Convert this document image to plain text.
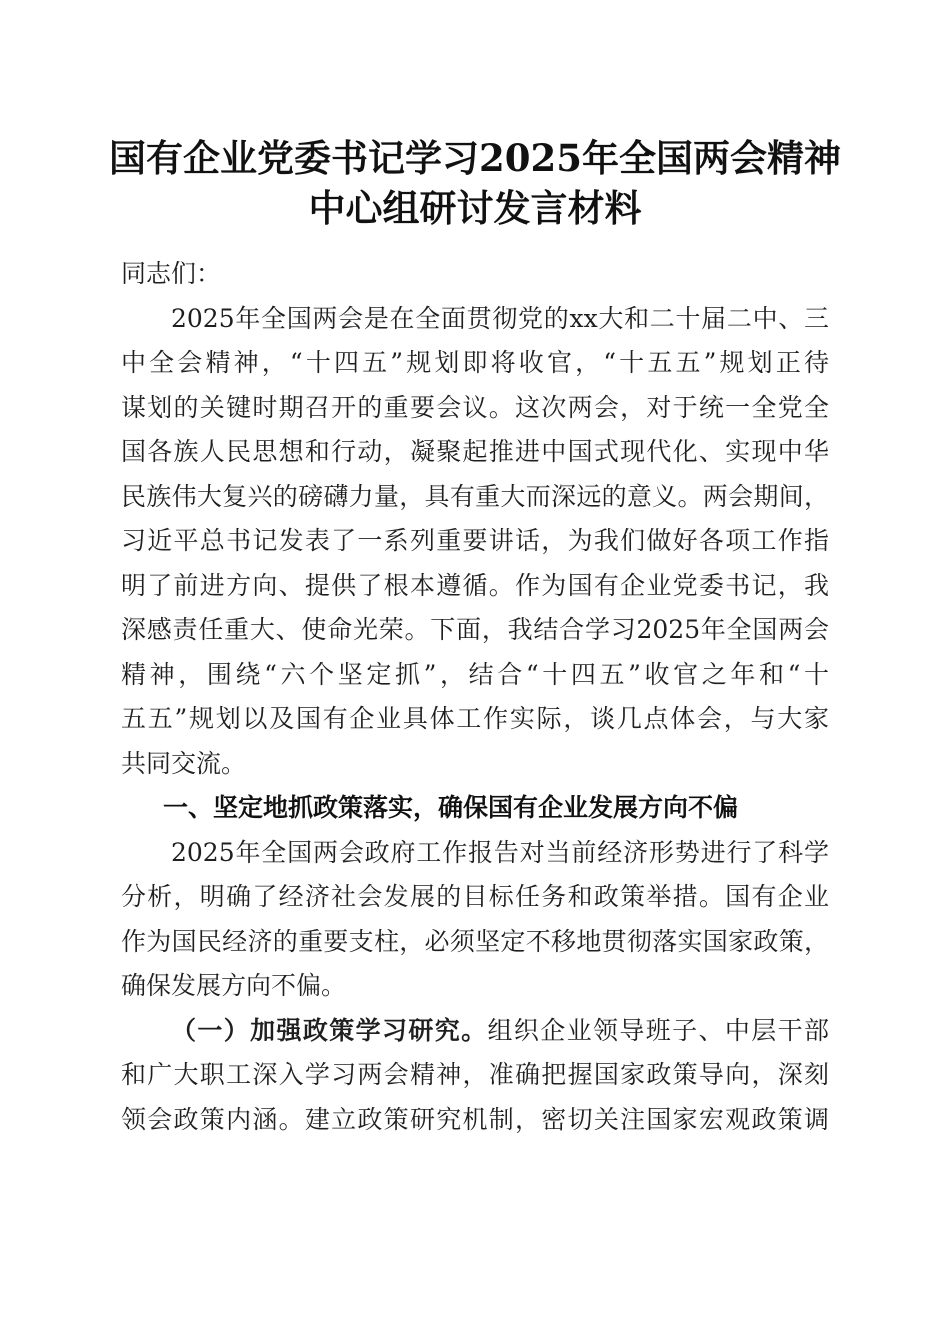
国有企业党委书记学习2025年全国两会精神
中心组研讨发言材料
同志们：
2025年全国两会是在全面贯彻党的xx大和二十届二中、三
中全会精神，“十四五”规划即将收官，“十五五”规划正待
谋划的关键时期召开的重要会议。这次两会，对于统一全党全
国各族人民思想和行动，凝聚起推进中国式现代化、实现中华
民族伟大复兴的磅礴力量，具有重大而深远的意义。两会期间，
习近平总书记发表了一系列重要讲话，为我们做好各项工作指
明了前进方向、提供了根本遵循。作为国有企业党委书记，我
深感责任重大、使命光荣。下面，我结合学习2025年全国两会
精神，围绕“六个坚定抓”，结合“十四五”收官之年和“十
五五”规划以及国有企业具体工作实际，谈几点体会，与大家
共同交流。
一、坚定地抓政策落实，确保国有企业发展方向不偏
2025年全国两会政府工作报告对当前经济形势进行了科学
分析，明确了经济社会发展的目标任务和政策举措。国有企业
作为国民经济的重要支柱，必须坚定不移地贯彻落实国家政策，
确保发展方向不偏。
（一）加强政策学习研究。组织企业领导班子、中层干部
和广大职工深入学习两会精神，准确把握国家政策导向，深刻
领会政策内涵。建立政策研究机制，密切关注国家宏观政策调
